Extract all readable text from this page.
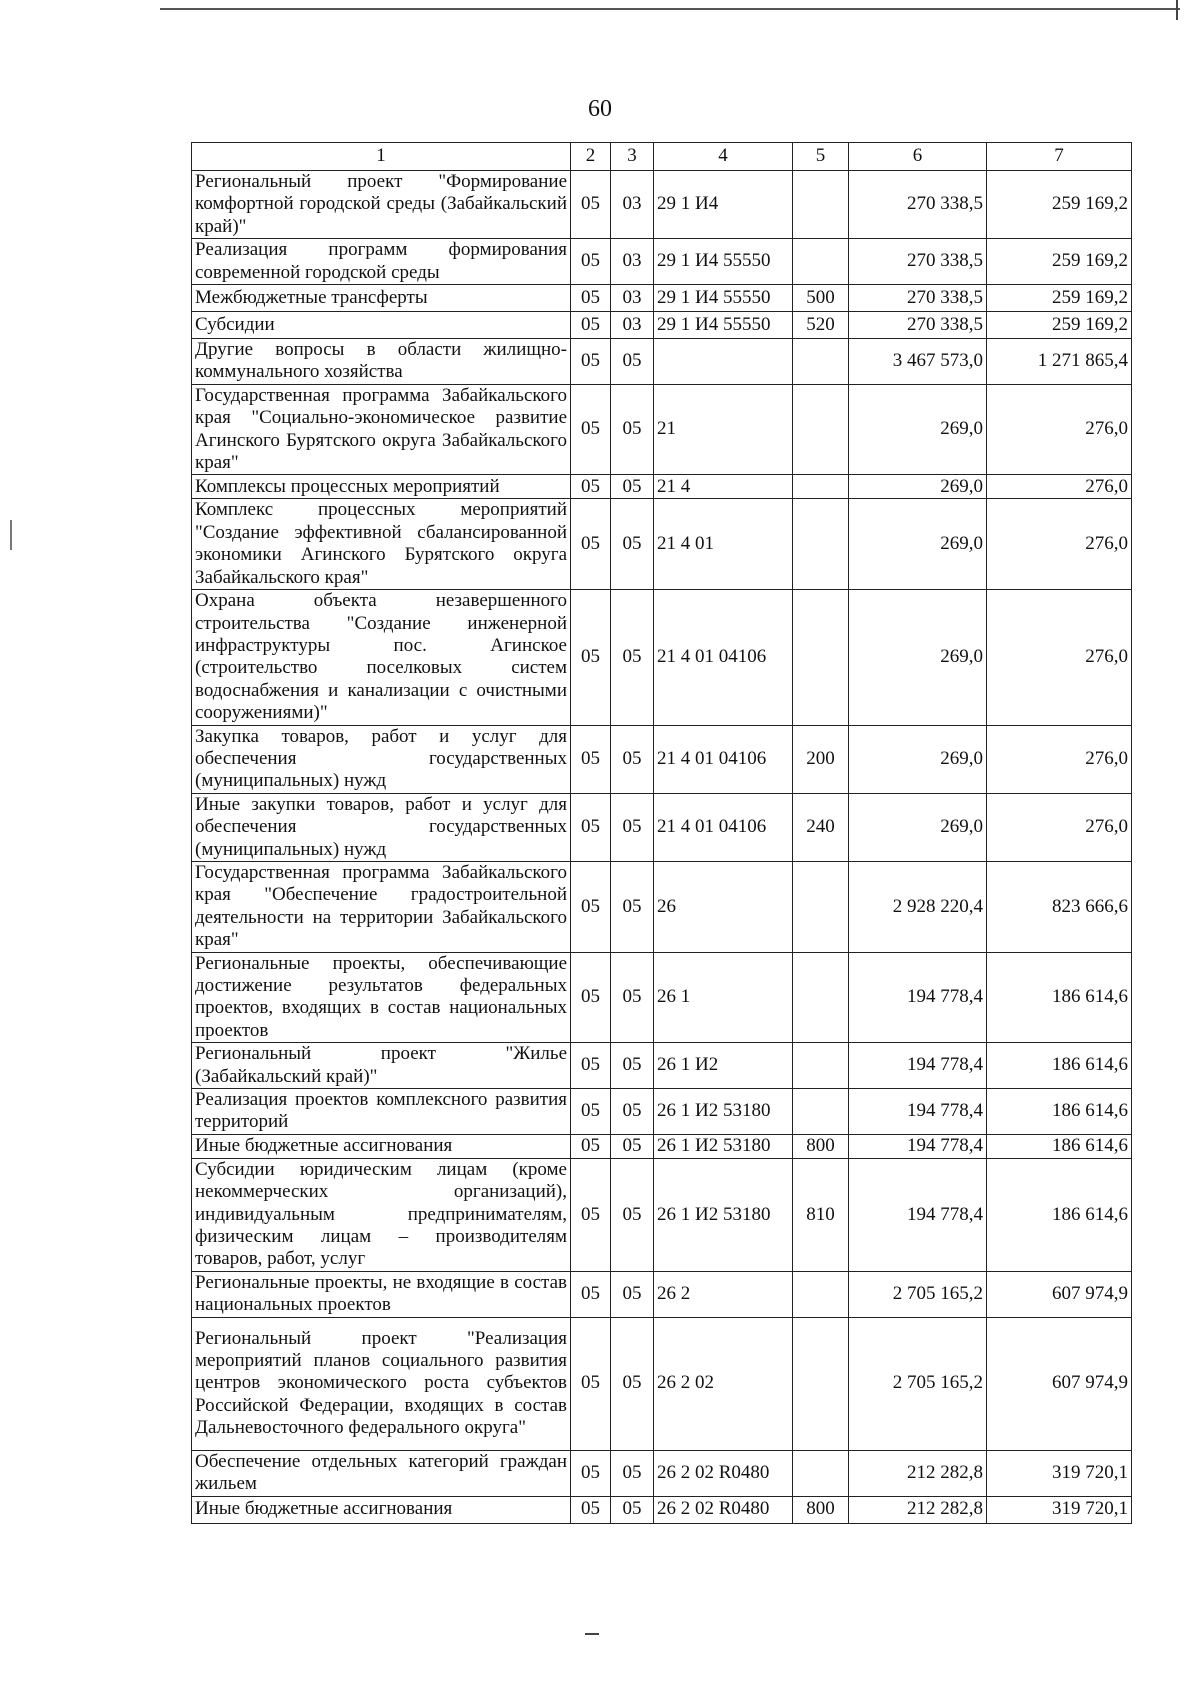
60
1	2	3	4	5	6	7
Региональный проект "Формирование комфортной городской среды (Забайкальский край)"	05	03	29 1 И4		270 338,5	259 169,2
Реализация программ формирования современной городской среды	05	03	29 1 И4 55550		270 338,5	259 169,2
Межбюджетные трансферты	05	03	29 1 И4 55550	500	270 338,5	259 169,2
Субсидии	05	03	29 1 И4 55550	520	270 338,5	259 169,2
Другие вопросы в области жилищно-коммунального хозяйства	05	05			3 467 573,0	1 271 865,4
Государственная программа Забайкальского края "Социально-экономическое развитие Агинского Бурятского округа Забайкальского края"	05	05	21		269,0	276,0
Комплексы процессных мероприятий	05	05	21 4		269,0	276,0
Комплекс процессных мероприятий "Создание эффективной сбалансированной экономики Агинского Бурятского округа Забайкальского края"	05	05	21 4 01		269,0	276,0
Охрана объекта незавершенного строительства "Создание инженерной инфраструктуры пос. Агинское (строительство поселковых систем водоснабжения и канализации с очистными сооружениями)"	05	05	21 4 01 04106		269,0	276,0
Закупка товаров, работ и услуг для обеспечения государственных (муниципальных) нужд	05	05	21 4 01 04106	200	269,0	276,0
Иные закупки товаров, работ и услуг для обеспечения государственных (муниципальных) нужд	05	05	21 4 01 04106	240	269,0	276,0
Государственная программа Забайкальского края "Обеспечение градостроительной деятельности на территории Забайкальского края"	05	05	26		2 928 220,4	823 666,6
Региональные проекты, обеспечивающие достижение результатов федеральных проектов, входящих в состав национальных проектов	05	05	26 1		194 778,4	186 614,6
Региональный проект "Жилье (Забайкальский край)"	05	05	26 1 И2		194 778,4	186 614,6
Реализация проектов комплексного развития территорий	05	05	26 1 И2 53180		194 778,4	186 614,6
Иные бюджетные ассигнования	05	05	26 1 И2 53180	800	194 778,4	186 614,6
Субсидии юридическим лицам (кроме некоммерческих организаций), индивидуальным предпринимателям, физическим лицам – производителям товаров, работ, услуг	05	05	26 1 И2 53180	810	194 778,4	186 614,6
Региональные проекты, не входящие в состав национальных проектов	05	05	26 2		2 705 165,2	607 974,9
Региональный проект "Реализация мероприятий планов социального развития центров экономического роста субъектов Российской Федерации, входящих в состав Дальневосточного федерального округа"	05	05	26 2 02		2 705 165,2	607 974,9
Обеспечение отдельных категорий граждан жильем	05	05	26 2 02 R0480		212 282,8	319 720,1
Иные бюджетные ассигнования	05	05	26 2 02 R0480	800	212 282,8	319 720,1
